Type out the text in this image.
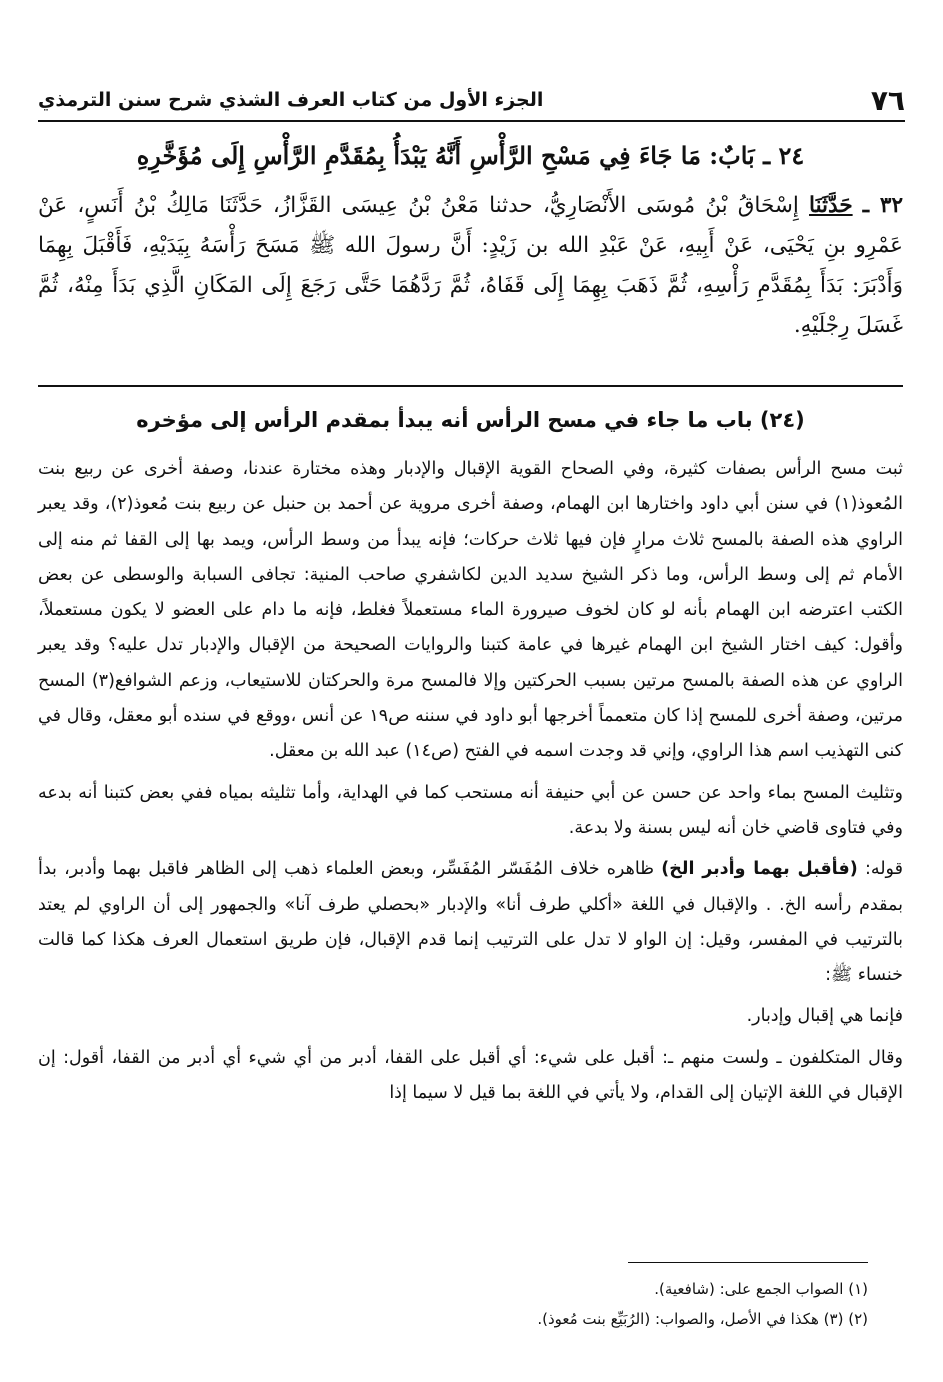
٧٦
الجزء الأول من كتاب العرف الشذي شرح سنن الترمذي
٢٤ ـ بَابٌ: مَا جَاءَ فِي مَسْحِ الرَّأْسِ أَنَّهُ يَبْدَأُ بِمُقَدَّمِ الرَّأْسِ إِلَى مُؤَخَّرِهِ

٣٢ ـ حَدَّثَنَا إِسْحَاقُ بْنُ مُوسَى الأَنْصَارِيُّ، حدثنا مَعْنُ بْنُ عِيسَى القَزَّازُ، حَدَّثَنَا مَالِكُ بْنُ أَنَسٍ، عَنْ عَمْرِو بنِ يَحْيَى، عَنْ أَبِيهِ، عَنْ عَبْدِ الله بن زَيْدٍ: أَنَّ رسولَ الله ﷺ مَسَحَ رَأْسَهُ بِيَدَيْهِ، فَأَقْبَلَ بِهِمَا وَأَدْبَرَ: بَدَأَ بِمُقَدَّمِ رَأْسِهِ، ثُمَّ ذَهَبَ بِهِمَا إِلَى قَفَاهُ، ثُمَّ رَدَّهُمَا حَتَّى رَجَعَ إِلَى المَكَانِ الَّذِي بَدَأَ مِنْهُ، ثُمَّ غَسَلَ رِجْلَيْهِ.

(٢٤) باب ما جاء في مسح الرأس أنه يبدأ بمقدم الرأس إلى مؤخره

ثبت مسح الرأس بصفات كثيرة، وفي الصحاح القوية الإقبال والإدبار وهذه مختارة عندنا، وصفة أخرى عن ربيع بنت المُعوذ(١) في سنن أبي داود واختارها ابن الهمام، وصفة أخرى مروية عن أحمد بن حنبل عن ربيع بنت مُعوذ(٢)، وقد يعبر الراوي هذه الصفة بالمسح ثلاث مرارٍ فإن فيها ثلاث حركات؛ فإنه يبدأ من وسط الرأس، ويمد بها إلى القفا ثم منه إلى الأمام ثم إلى وسط الرأس، وما ذكر الشيخ سديد الدين لكاشفري صاحب المنية: تجافى السبابة والوسطى عن بعض الكتب اعترضه ابن الهمام بأنه لو كان لخوف صيرورة الماء مستعملاً فغلط، فإنه ما دام على العضو لا يكون مستعملاً، وأقول: كيف اختار الشيخ ابن الهمام غيرها في عامة كتبنا والروايات الصحيحة من الإقبال والإدبار تدل عليه؟ وقد يعبر الراوي عن هذه الصفة بالمسح مرتين بسبب الحركتين وإلا فالمسح مرة والحركتان للاستيعاب، وزعم الشوافع(٣) المسح مرتين، وصفة أخرى للمسح إذا كان متعمماً أخرجها أبو داود في سننه ص١٩ عن أنس ،ووقع في سنده أبو معقل، وقال في كنى التهذيب اسم هذا الراوي، وإني قد وجدت اسمه في الفتح (ص١٤) عبد الله بن معقل.

وتثليث المسح بماء واحد عن حسن عن أبي حنيفة أنه مستحب كما في الهداية، وأما تثليثه بمياه ففي بعض كتبنا أنه بدعه وفي فتاوى قاضي خان أنه ليس بسنة ولا بدعة.

قوله: (فأقبل بهما وأدبر الخ) ظاهره خلاف المُفَسّر المُفَسِّر، وبعض العلماء ذهب إلى الظاهر فاقبل بهما وأدبر، بدأ بمقدم رأسه الخ. . والإقبال في اللغة «أكلي طرف أنا» والإدبار «بحصلي طرف آنا» والجمهور إلى أن الراوي لم يعتد بالترتيب في المفسر، وقيل: إن الواو لا تدل على الترتيب إنما قدم الإقبال، فإن طريق استعمال العرف هكذا كما قالت خنساء ﷺ:

فإنما هي إقبال وإدبار.

وقال المتكلفون ـ ولست منهم ـ: أقبل على شيء: أي أقبل على القفا، أدبر من أي شيء أي أدبر من القفا، أقول: إن الإقبال في اللغة الإتيان إلى القدام، ولا يأتي في اللغة بما قيل لا سيما إذا

(١) الصواب الجمع على: (شافعية).

(٢) (٣) هكذا في الأصل، والصواب: (الرُبَيِّع بنت مُعوذ).
